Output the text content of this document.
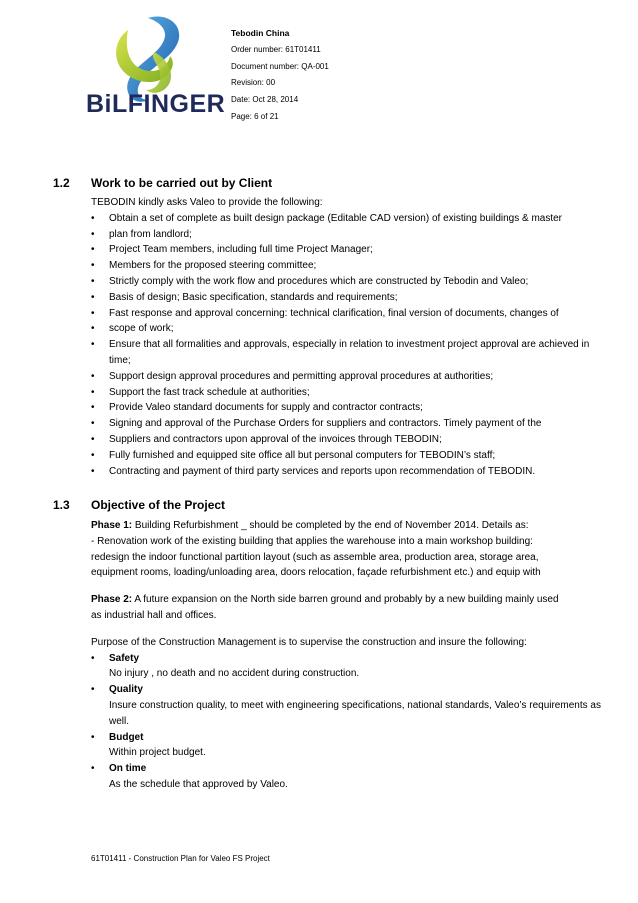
BiLFINGER
Tebodin China
Order number: 61T01411
Document number: QA-001
Revision: 00
Date: Oct 28, 2014
Page: 6 of 21
1.2 Work to be carried out by Client

TEBODIN kindly asks Valeo to provide the following:

• Obtain a set of complete as built design package (Editable CAD version) of existing buildings & master
• plan from landlord;
• Project Team members, including full time Project Manager;
• Members for the proposed steering committee;
• Strictly comply with the work flow and procedures which are constructed by Tebodin and Valeo;
• Basis of design; Basic specification, standards and requirements;
• Fast response and approval concerning: technical clarification, final version of documents, changes of
• scope of work;
• Ensure that all formalities and approvals, especially in relation to investment project approval are achieved in time;
• Support design approval procedures and permitting approval procedures at authorities;
• Support the fast track schedule at authorities;
• Provide Valeo standard documents for supply and contractor contracts;
• Signing and approval of the Purchase Orders for suppliers and contractors. Timely payment of the
• Suppliers and contractors upon approval of the invoices through TEBODIN;
• Fully furnished and equipped site office all but personal computers for TEBODIN’s staff;
• Contracting and payment of third party services and reports upon recommendation of TEBODIN.
1.3 Objective of the Project

Phase 1: Building Refurbishment _ should be completed by the end of November 2014. Details as:

- Renovation work of the existing building that applies the warehouse into a main workshop building:

redesign the indoor functional partition layout (such as assemble area, production area, storage area,

equipment rooms, loading/unloading area, doors relocation, façade refurbishment etc.) and equip with

Phase 2: A future expansion on the North side barren ground and probably by a new building mainly used

as industrial hall and offices.

Purpose of the Construction Management is to supervise the construction and insure the following:

• Safety
No injury , no death and no accident during construction.
• Quality
Insure construction quality, to meet with engineering specifications, national standards, Valeo’s requirements as well.
• Budget
Within project budget.
• On time
As the schedule that approved by Valeo.
61T01411 - Construction Plan for Valeo FS Project
